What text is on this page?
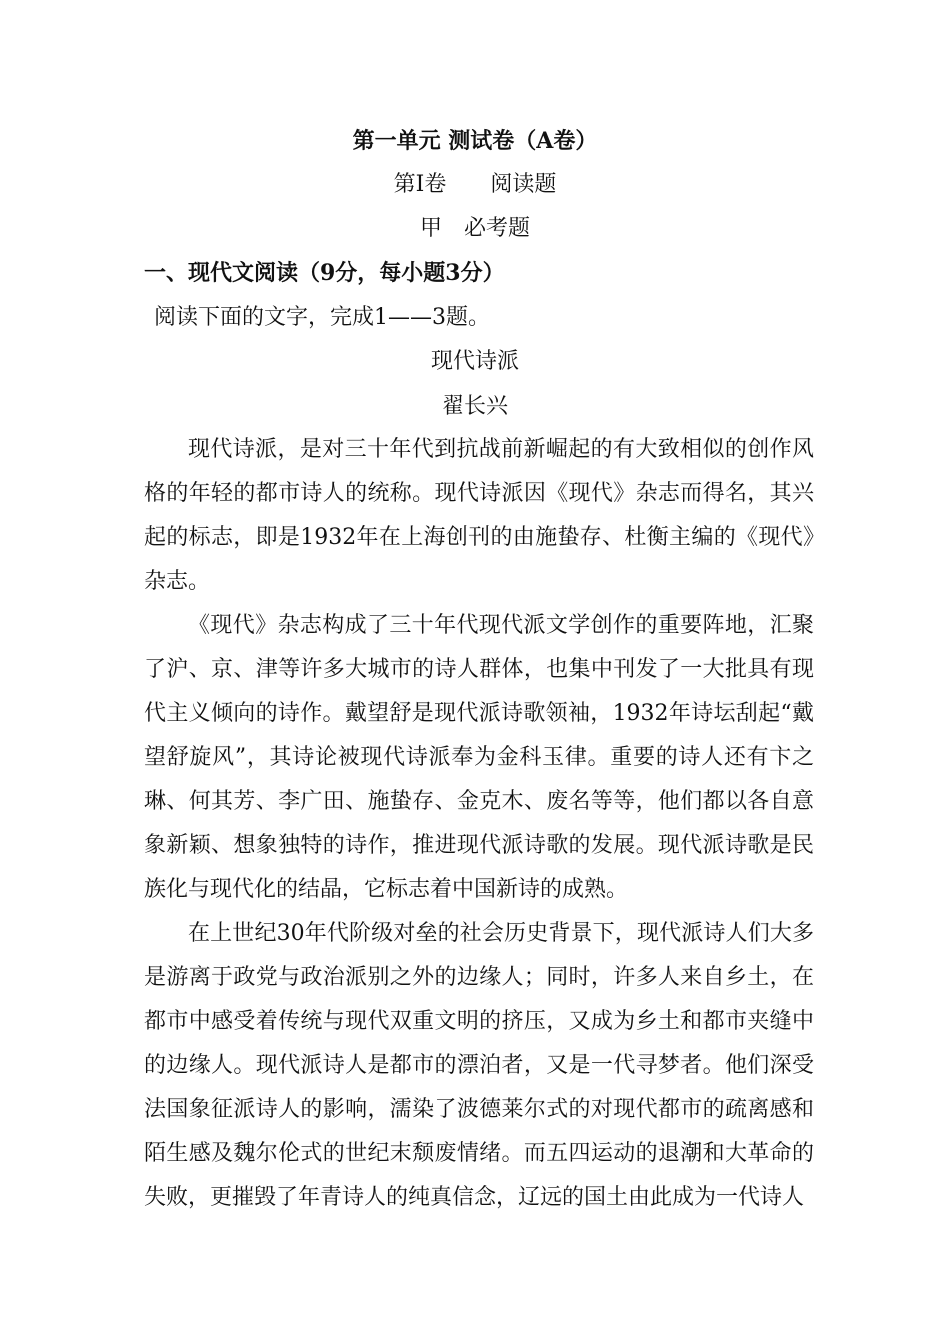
第一单元 测试卷（A卷）
第Ⅰ卷　　阅读题
甲　必考题
一、现代文阅读（9分，每小题3分）
阅读下面的文字，完成1——3题。
现代诗派
翟长兴

现代诗派，是对三十年代到抗战前新崛起的有大致相似的创作风格的年轻的都市诗人的统称。现代诗派因《现代》杂志而得名，其兴起的标志，即是1932年在上海创刊的由施蛰存、杜衡主编的《现代》杂志。

《现代》杂志构成了三十年代现代派文学创作的重要阵地，汇聚了沪、京、津等许多大城市的诗人群体，也集中刊发了一大批具有现代主义倾向的诗作。戴望舒是现代派诗歌领袖，1932年诗坛刮起“戴望舒旋风”，其诗论被现代诗派奉为金科玉律。重要的诗人还有卞之琳、何其芳、李广田、施蛰存、金克木、废名等等，他们都以各自意象新颖、想象独特的诗作，推进现代派诗歌的发展。现代派诗歌是民族化与现代化的结晶，它标志着中国新诗的成熟。

在上世纪30年代阶级对垒的社会历史背景下，现代派诗人们大多是游离于政党与政治派别之外的边缘人；同时，许多人来自乡土，在都市中感受着传统与现代双重文明的挤压，又成为乡土和都市夹缝中的边缘人。现代派诗人是都市的漂泊者，又是一代寻梦者。他们深受法国象征派诗人的影响，濡染了波德莱尔式的对现代都市的疏离感和陌生感及魏尔伦式的世纪末颓废情绪。而五四运动的退潮和大革命的失败，更摧毁了年青诗人的纯真信念，辽远的国土由此成为一代诗人
